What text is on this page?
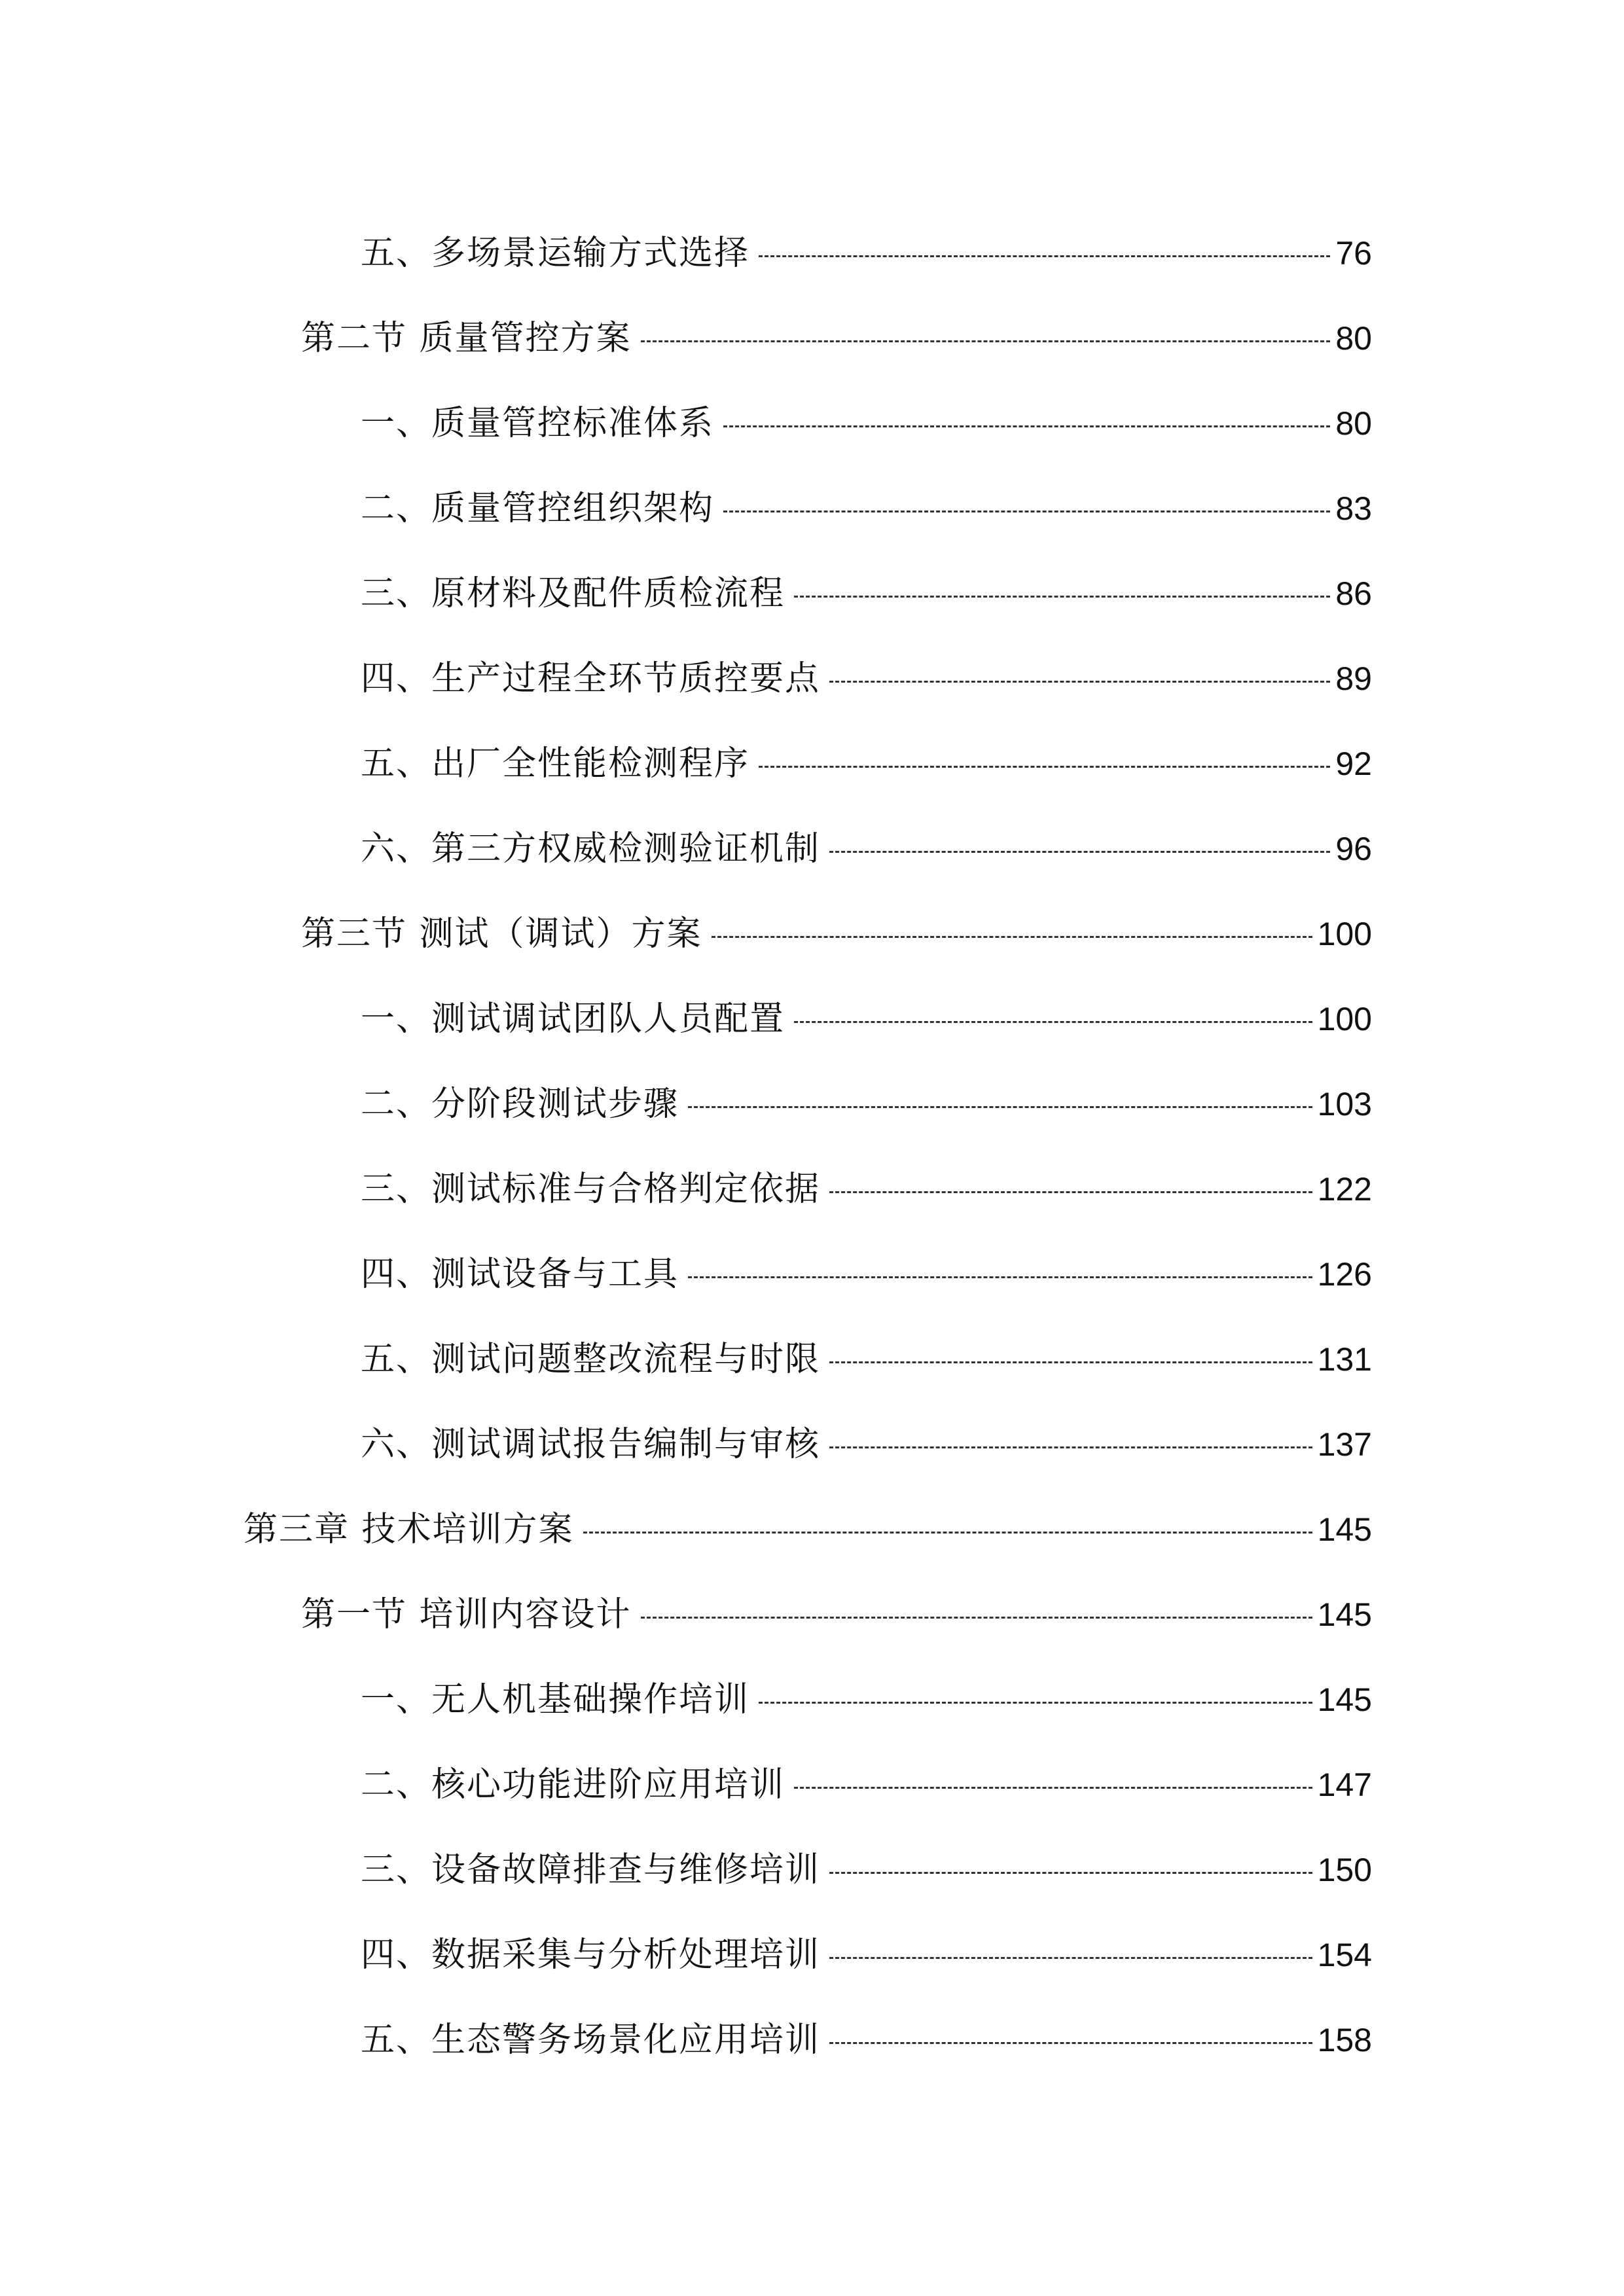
五、多场景运输方式选择	76
第二节 质量管控方案	80
一、质量管控标准体系	80
二、质量管控组织架构	83
三、原材料及配件质检流程	86
四、生产过程全环节质控要点	89
五、出厂全性能检测程序	92
六、第三方权威检测验证机制	96
第三节 测试（调试）方案	100
一、测试调试团队人员配置	100
二、分阶段测试步骤	103
三、测试标准与合格判定依据	122
四、测试设备与工具	126
五、测试问题整改流程与时限	131
六、测试调试报告编制与审核	137
第三章 技术培训方案	145
第一节 培训内容设计	145
一、无人机基础操作培训	145
二、核心功能进阶应用培训	147
三、设备故障排查与维修培训	150
四、数据采集与分析处理培训	154
五、生态警务场景化应用培训	158
